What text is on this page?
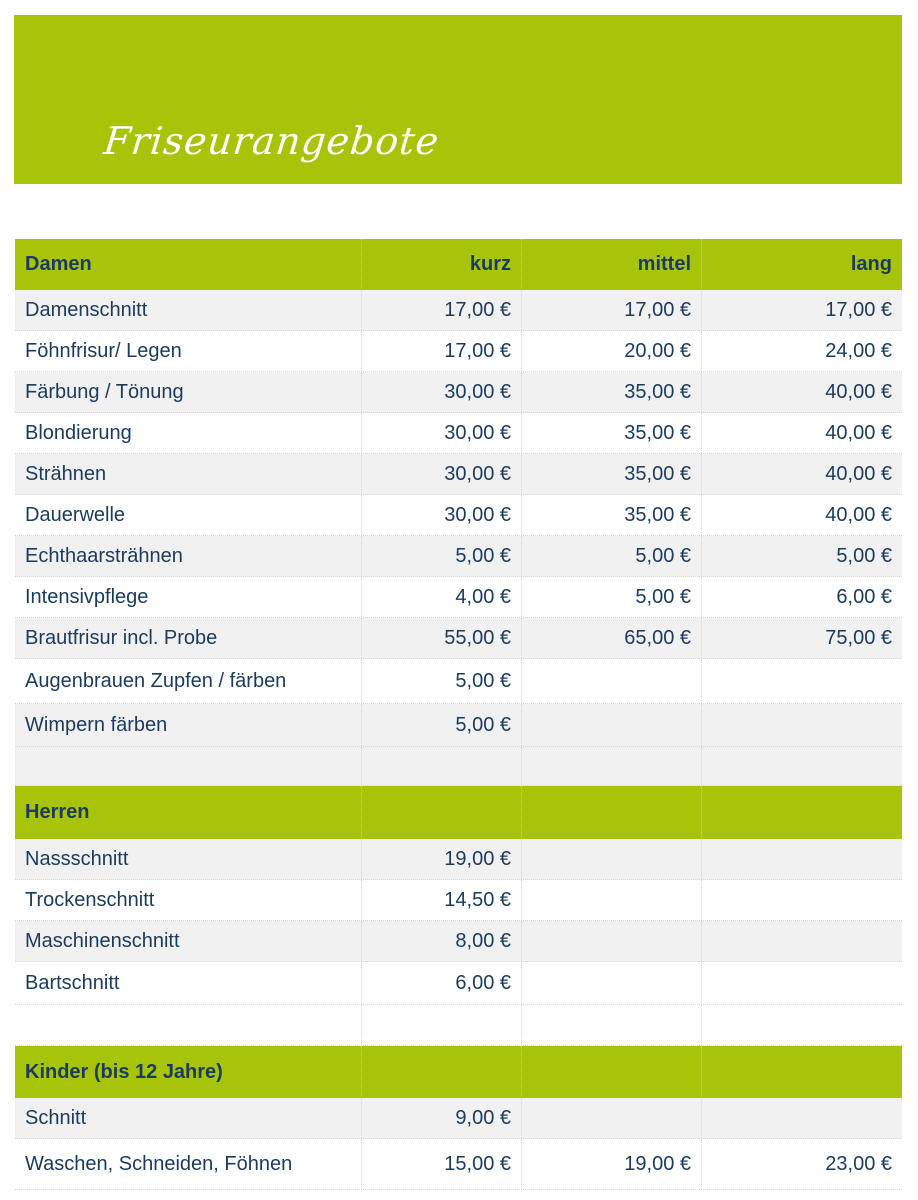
Friseurangebote
Damen	kurz	mittel	lang
Damenschnitt	17,00 €	17,00 €	17,00 €
Föhnfrisur/ Legen	17,00 €	20,00 €	24,00 €
Färbung / Tönung	30,00 €	35,00 €	40,00 €
Blondierung	30,00 €	35,00 €	40,00 €
Strähnen	30,00 €	35,00 €	40,00 €
Dauerwelle	30,00 €	35,00 €	40,00 €
Echthaarsträhnen	5,00 €	5,00 €	5,00 €
Intensivpflege	4,00 €	5,00 €	6,00 €
Brautfrisur incl. Probe	55,00 €	65,00 €	75,00 €
Augenbrauen Zupfen / färben	5,00 €
Wimpern färben	5,00 €
Herren
Nassschnitt	19,00 €
Trockenschnitt	14,50 €
Maschinenschnitt	8,00 €
Bartschnitt	6,00 €
Kinder (bis 12 Jahre)
Schnitt	9,00 €
Waschen, Schneiden, Föhnen	15,00 €	19,00 €	23,00 €
